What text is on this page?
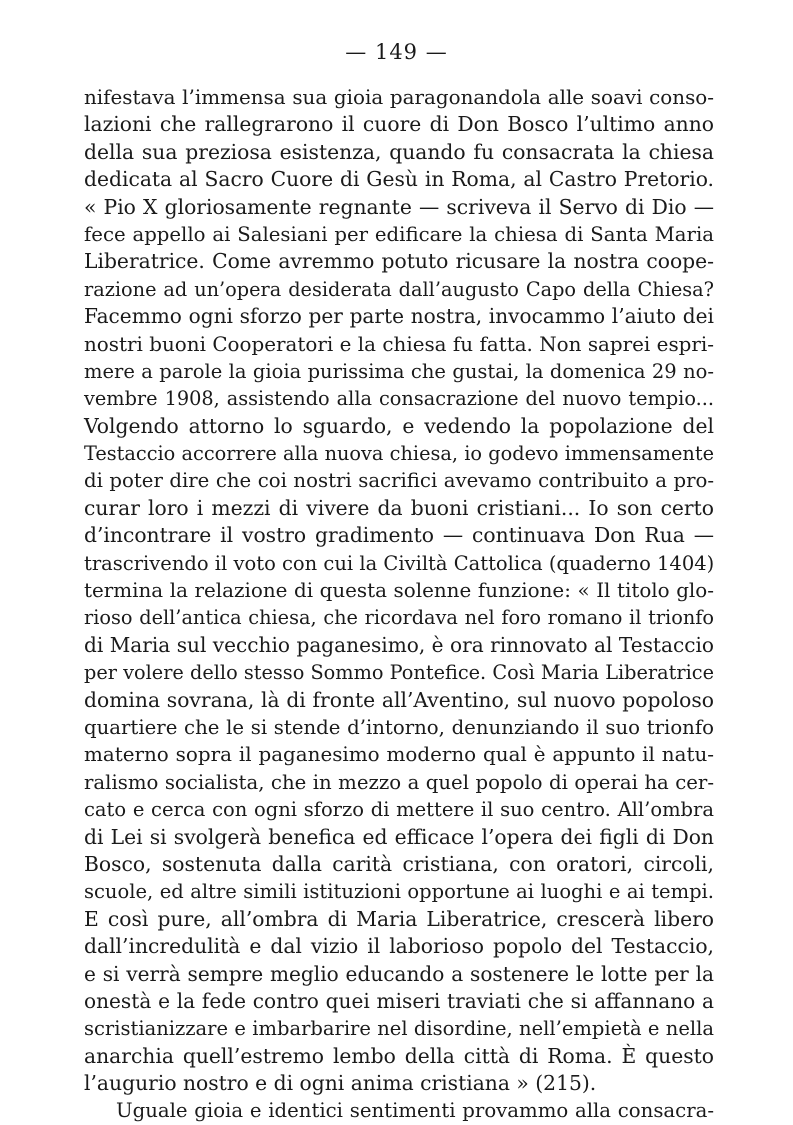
— 149 —
nifestava l’immensa sua gioia paragonandola alle soavi conso-
lazioni che rallegrarono il cuore di Don Bosco l’ultimo anno
della sua preziosa esistenza, quando fu consacrata la chiesa
dedicata al Sacro Cuore di Gesù in Roma, al Castro Pretorio.
« Pio X gloriosamente regnante — scriveva il Servo di Dio —
fece appello ai Salesiani per edificare la chiesa di Santa Maria
Liberatrice. Come avremmo potuto ricusare la nostra coope-
razione ad un’opera desiderata dall’augusto Capo della Chiesa?
Facemmo ogni sforzo per parte nostra, invocammo l’aiuto dei
nostri buoni Cooperatori e la chiesa fu fatta. Non saprei espri-
mere a parole la gioia purissima che gustai, la domenica 29 no-
vembre 1908, assistendo alla consacrazione del nuovo tempio...
Volgendo attorno lo sguardo, e vedendo la popolazione del
Testaccio accorrere alla nuova chiesa, io godevo immensamente
di poter dire che coi nostri sacrifici avevamo contribuito a pro-
curar loro i mezzi di vivere da buoni cristiani... Io son certo
d’incontrare il vostro gradimento — continuava Don Rua —
trascrivendo il voto con cui la Civiltà Cattolica (quaderno 1404)
termina la relazione di questa solenne funzione: « Il titolo glo-
rioso dell’antica chiesa, che ricordava nel foro romano il trionfo
di Maria sul vecchio paganesimo, è ora rinnovato al Testaccio
per volere dello stesso Sommo Pontefice. Così Maria Liberatrice
domina sovrana, là di fronte all’Aventino, sul nuovo popoloso
quartiere che le si stende d’intorno, denunziando il suo trionfo
materno sopra il paganesimo moderno qual è appunto il natu-
ralismo socialista, che in mezzo a quel popolo di operai ha cer-
cato e cerca con ogni sforzo di mettere il suo centro. All’ombra
di Lei si svolgerà benefica ed efficace l’opera dei figli di Don
Bosco, sostenuta dalla carità cristiana, con oratori, circoli,
scuole, ed altre simili istituzioni opportune ai luoghi e ai tempi.
E così pure, all’ombra di Maria Liberatrice, crescerà libero
dall’incredulità e dal vizio il laborioso popolo del Testaccio,
e si verrà sempre meglio educando a sostenere le lotte per la
onestà e la fede contro quei miseri traviati che si affannano a
scristianizzare e imbarbarire nel disordine, nell’empietà e nella
anarchia quell’estremo lembo della città di Roma. È questo
l’augurio nostro e di ogni anima cristiana » (215).
Uguale gioia e identici sentimenti provammo alla consacra-
